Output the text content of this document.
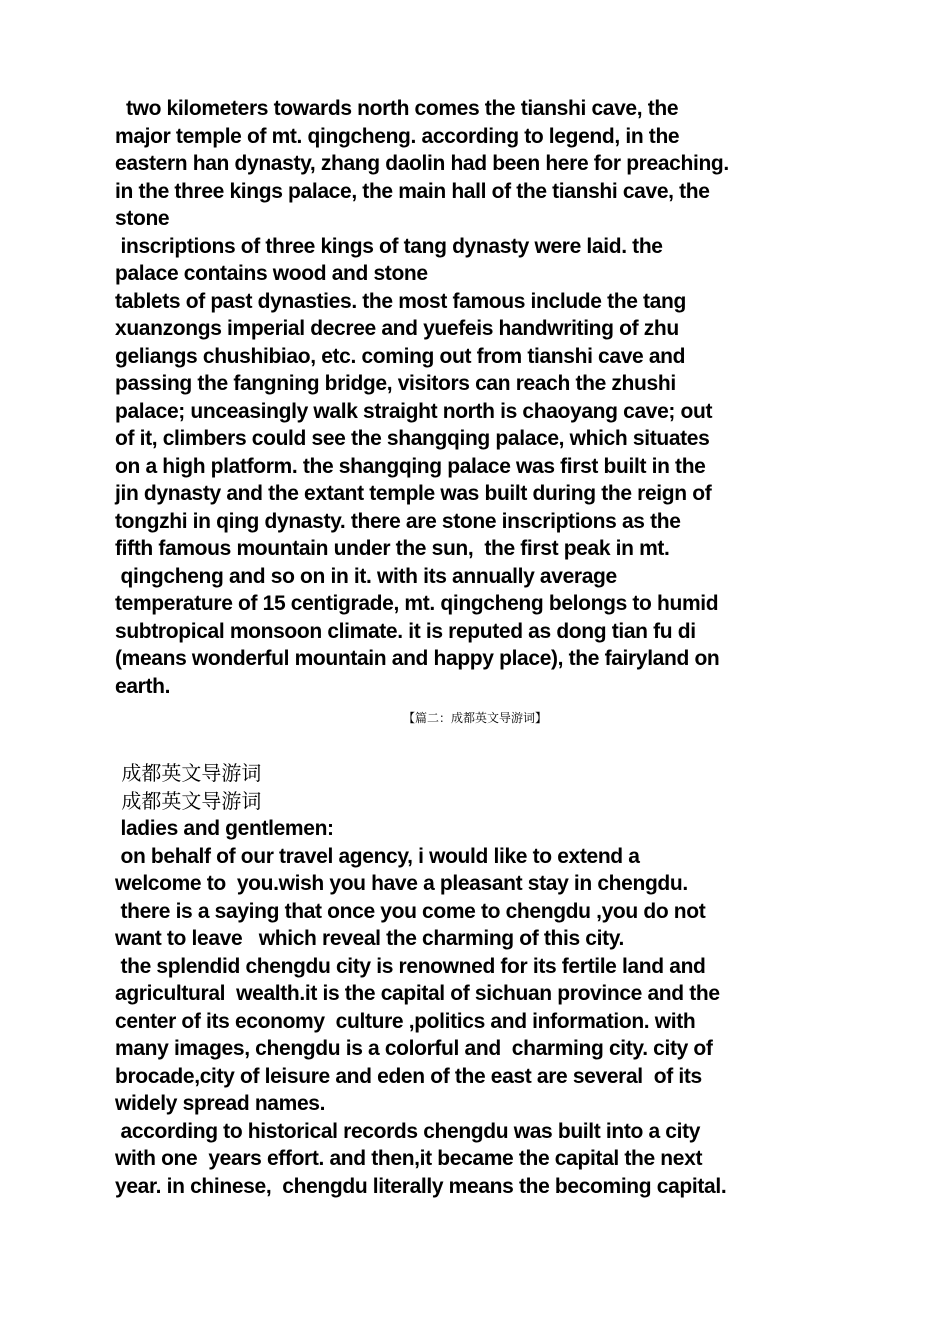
two kilometers towards north comes the tianshi cave, the
major temple of mt. qingcheng. according to legend, in the
eastern han dynasty, zhang daolin had been here for preaching.
in the three kings palace, the main hall of the tianshi cave, the
stone
inscriptions of three kings of tang dynasty were laid. the
palace contains wood and stone
tablets of past dynasties. the most famous include the tang
xuanzongs imperial decree and yuefeis handwriting of zhu
geliangs chushibiao, etc. coming out from tianshi cave and
passing the fangning bridge, visitors can reach the zhushi
palace; unceasingly walk straight north is chaoyang cave; out
of it, climbers could see the shangqing palace, which situates
on a high platform. the shangqing palace was first built in the
jin dynasty and the extant temple was built during the reign of
tongzhi in qing dynasty. there are stone inscriptions as the
fifth famous mountain under the sun,  the first peak in mt.
qingcheng and so on in it. with its annually average
temperature of 15 centigrade, mt. qingcheng belongs to humid
subtropical monsoon climate. it is reputed as dong tian fu di
(means wonderful mountain and happy place), the fairyland on
earth.
【篇二：成都英文导游词】
成都英文导游词
成都英文导游词
ladies and gentlemen:
on behalf of our travel agency, i would like to extend a
welcome to  you.wish you have a pleasant stay in chengdu.
there is a saying that once you come to chengdu ,you do not
want to leave   which reveal the charming of this city.
the splendid chengdu city is renowned for its fertile land and
agricultural  wealth.it is the capital of sichuan province and the
center of its economy  culture ,politics and information. with
many images, chengdu is a colorful and  charming city. city of
brocade,city of leisure and eden of the east are several  of its
widely spread names.
according to historical records chengdu was built into a city
with one  years effort. and then,it became the capital the next
year. in chinese,  chengdu literally means the becoming capital.
